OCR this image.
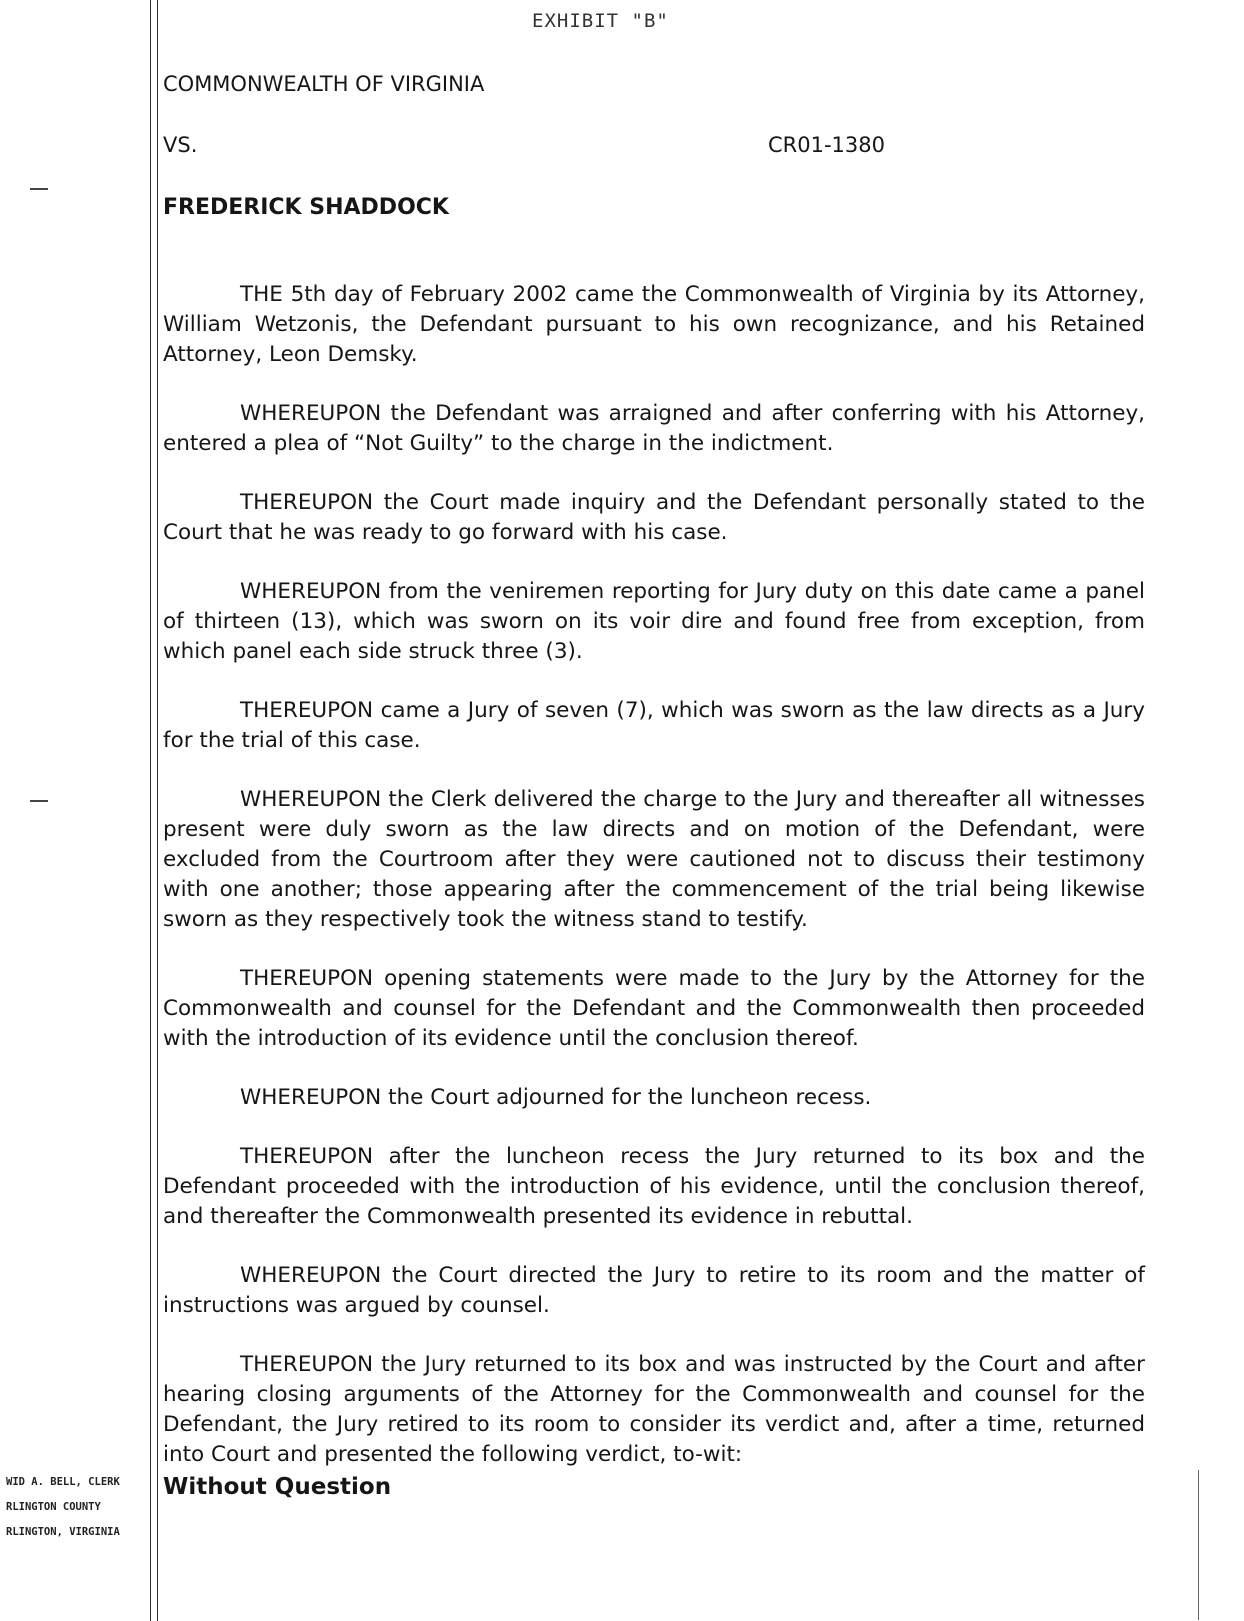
EXHIBIT "B"
COMMONWEALTH OF VIRGINIA
VS.	CR01-1380
FREDERICK SHADDOCK

THE 5th day of February 2002 came the Commonwealth of Virginia by its Attorney, William Wetzonis, the Defendant pursuant to his own recognizance, and his Retained Attorney, Leon Demsky.

WHEREUPON the Defendant was arraigned and after conferring with his Attorney, entered a plea of “Not Guilty” to the charge in the indictment.

THEREUPON the Court made inquiry and the Defendant personally stated to the Court that he was ready to go forward with his case.

WHEREUPON from the veniremen reporting for Jury duty on this date came a panel of thirteen (13), which was sworn on its voir dire and found free from exception, from which panel each side struck three (3).

THEREUPON came a Jury of seven (7), which was sworn as the law directs as a Jury for the trial of this case.

WHEREUPON the Clerk delivered the charge to the Jury and thereafter all witnesses present were duly sworn as the law directs and on motion of the Defendant, were excluded from the Courtroom after they were cautioned not to discuss their testimony with one another; those appearing after the commencement of the trial being likewise sworn as they respectively took the witness stand to testify.

THEREUPON opening statements were made to the Jury by the Attorney for the Commonwealth and counsel for the Defendant and the Commonwealth then proceeded with the introduction of its evidence until the conclusion thereof.

WHEREUPON the Court adjourned for the luncheon recess.

THEREUPON after the luncheon recess the Jury returned to its box and the Defendant proceeded with the introduction of his evidence, until the conclusion thereof, and thereafter the Commonwealth presented its evidence in rebuttal.

WHEREUPON the Court directed the Jury to retire to its room and the matter of instructions was argued by counsel.

THEREUPON the Jury returned to its box and was instructed by the Court and after hearing closing arguments of the Attorney for the Commonwealth and counsel for the Defendant, the Jury retired to its room to consider its verdict and, after a time, returned into Court and presented the following verdict, to-wit:

Without Question
WID A. BELL, CLERK
RLINGTON COUNTY
RLINGTON, VIRGINIA
